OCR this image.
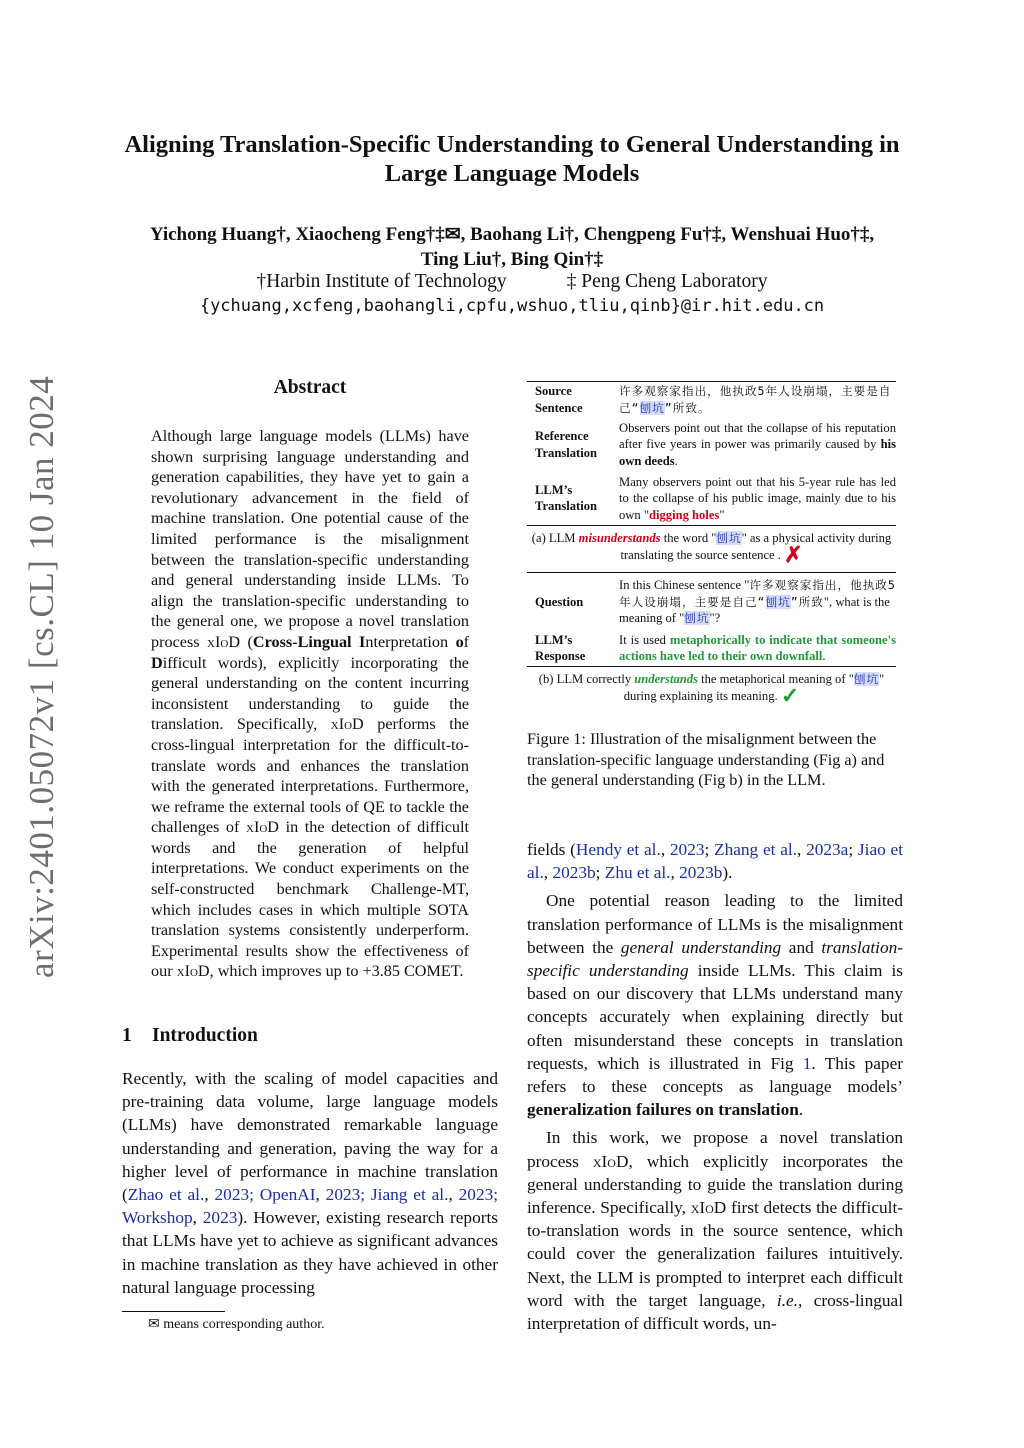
arXiv:2401.05072v1 [cs.CL] 10 Jan 2024
Aligning Translation-Specific Understanding to General Understanding in
Large Language Models
Yichong Huang†, Xiaocheng Feng†‡✉, Baohang Li†, Chengpeng Fu†‡, Wenshuai Huo†‡,
Ting Liu†, Bing Qin†‡
†Harbin Institute of Technology	‡ Peng Cheng Laboratory
{ychuang,xcfeng,baohangli,cpfu,wshuo,tliu,qinb}@ir.hit.edu.cn
Abstract
Although large language models (LLMs) have shown surprising language understanding and generation capabilities, they have yet to gain a revolutionary advancement in the field of machine translation. One potential cause of the limited performance is the misalignment between the translation-specific understanding and general understanding inside LLMs. To align the translation-specific understanding to the general one, we propose a novel translation process xIoD (Cross-Lingual Interpretation of Difficult words), explicitly incorporating the general understanding on the content incurring inconsistent understanding to guide the translation. Specifically, xIoD performs the cross-lingual interpretation for the difficult-to-translate words and enhances the translation with the generated interpretations. Furthermore, we reframe the external tools of QE to tackle the challenges of xIoD in the detection of difficult words and the generation of helpful interpretations. We conduct experiments on the self-constructed benchmark Challenge-MT, which includes cases in which multiple SOTA translation systems consistently underperform. Experimental results show the effectiveness of our xIoD, which improves up to +3.85 COMET.
1 Introduction
Recently, with the scaling of model capacities and pre-training data volume, large language models (LLMs) have demonstrated remarkable language understanding and generation, paving the way for a higher level of performance in machine translation (Zhao et al., 2023; OpenAI, 2023; Jiang et al., 2023; Workshop, 2023). However, existing research reports that LLMs have yet to achieve as significant advances in machine translation as they have achieved in other natural language processing
✉ means corresponding author.
Source Sentence	许多观察家指出，他执政5年人设崩塌，主要是自己“刨坑”所致。
Reference Translation	Observers point out that the collapse of his reputation after five years in power was primarily caused by his own deeds.
LLM’s Translation	Many observers point out that his 5-year rule has led to the collapse of his public image, mainly due to his own "digging holes"
(a) LLM misunderstands the word "刨坑" as a physical activity during translating the source sentence . ✗
Question	In this Chinese sentence "许多观察家指出，他执政5年人设崩塌，主要是自己“刨坑”所致", what is the meaning of "刨坑"?
LLM’s Response	It is used metaphorically to indicate that someone's actions have led to their own downfall.
(b) LLM correctly understands the metaphorical meaning of "刨坑" during explaining its meaning. ✓
Figure 1: Illustration of the misalignment between the translation-specific language understanding (Fig a) and the general understanding (Fig b) in the LLM.

fields (Hendy et al., 2023; Zhang et al., 2023a; Jiao et al., 2023b; Zhu et al., 2023b).

One potential reason leading to the limited translation performance of LLMs is the misalignment between the general understanding and translation-specific understanding inside LLMs. This claim is based on our discovery that LLMs understand many concepts accurately when explaining directly but often misunderstand these concepts in translation requests, which is illustrated in Fig 1. This paper refers to these concepts as language models’ generalization failures on translation.

In this work, we propose a novel translation process xIoD, which explicitly incorporates the general understanding to guide the translation during inference. Specifically, xIoD first detects the difficult-to-translation words in the source sentence, which could cover the generalization failures intuitively. Next, the LLM is prompted to interpret each difficult word with the target language, i.e., cross-lingual interpretation of difficult words, un-
